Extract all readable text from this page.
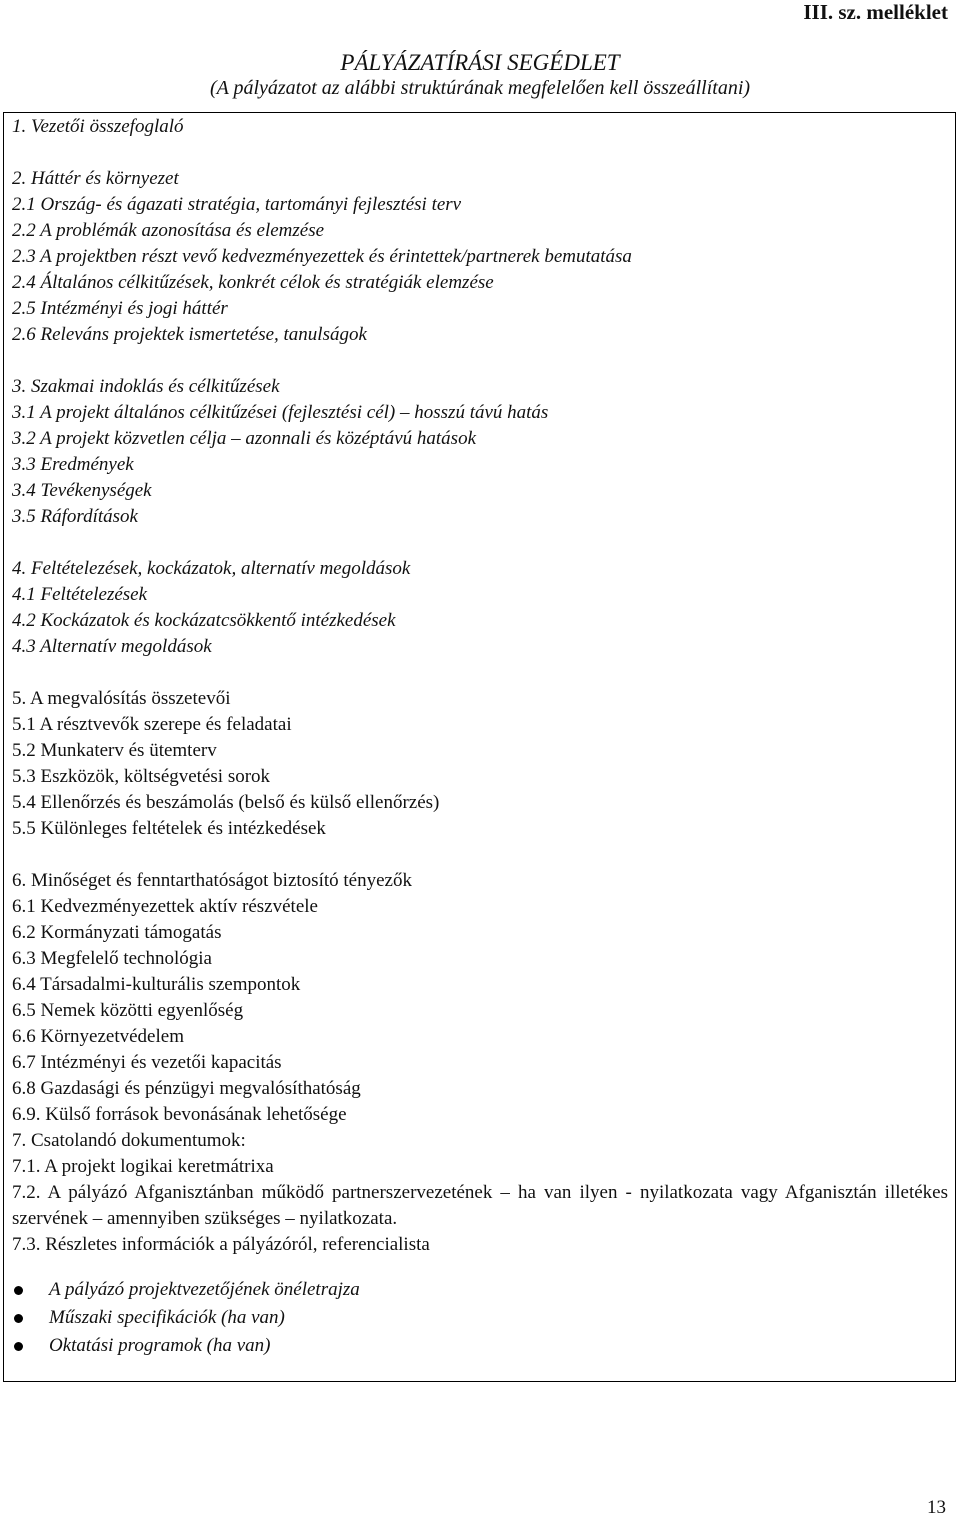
III. sz. melléklet
PÁLYÁZATÍRÁSI SEGÉDLET
(A pályázatot az alábbi struktúrának megfelelően kell összeállítani)
1. Vezetői összefoglaló
2. Háttér és környezet
2.1 Ország- és ágazati stratégia, tartományi fejlesztési terv
2.2 A problémák azonosítása és elemzése
2.3 A projektben részt vevő kedvezményezettek és érintettek/partnerek bemutatása
2.4 Általános célkitűzések, konkrét célok és stratégiák elemzése
2.5 Intézményi és jogi háttér
2.6 Releváns projektek ismertetése, tanulságok
3. Szakmai indoklás és célkitűzések
3.1 A projekt általános célkitűzései (fejlesztési cél) – hosszú távú hatás
3.2 A projekt közvetlen célja – azonnali és középtávú hatások
3.3 Eredmények
3.4 Tevékenységek
3.5 Ráfordítások
4. Feltételezések, kockázatok, alternatív megoldások
4.1 Feltételezések
4.2 Kockázatok és kockázatcsökkentő intézkedések
4.3 Alternatív megoldások
5. A megvalósítás összetevői
5.1 A résztvevők szerepe és feladatai
5.2 Munkaterv és ütemterv
5.3 Eszközök, költségvetési sorok
5.4 Ellenőrzés és beszámolás (belső és külső ellenőrzés)
5.5 Különleges feltételek és intézkedések
6. Minőséget és fenntarthatóságot biztosító tényezők
6.1 Kedvezményezettek aktív részvétele
6.2 Kormányzati támogatás
6.3 Megfelelő technológia
6.4 Társadalmi-kulturális szempontok
6.5 Nemek közötti egyenlőség
6.6 Környezetvédelem
6.7 Intézményi és vezetői kapacitás
6.8 Gazdasági és pénzügyi megvalósíthatóság
6.9. Külső források bevonásának lehetősége
7. Csatolandó dokumentumok:
7.1. A projekt logikai keretmátrixa
7.2. A pályázó Afganisztánban működő partnerszervezetének – ha van ilyen - nyilatkozata vagy Afganisztán illetékes szervének – amennyiben szükséges – nyilatkozata.
7.3. Részletes információk a pályázóról, referencialista
A pályázó projektvezetőjének önéletrajza
Műszaki specifikációk (ha van)
Oktatási programok (ha van)
13
